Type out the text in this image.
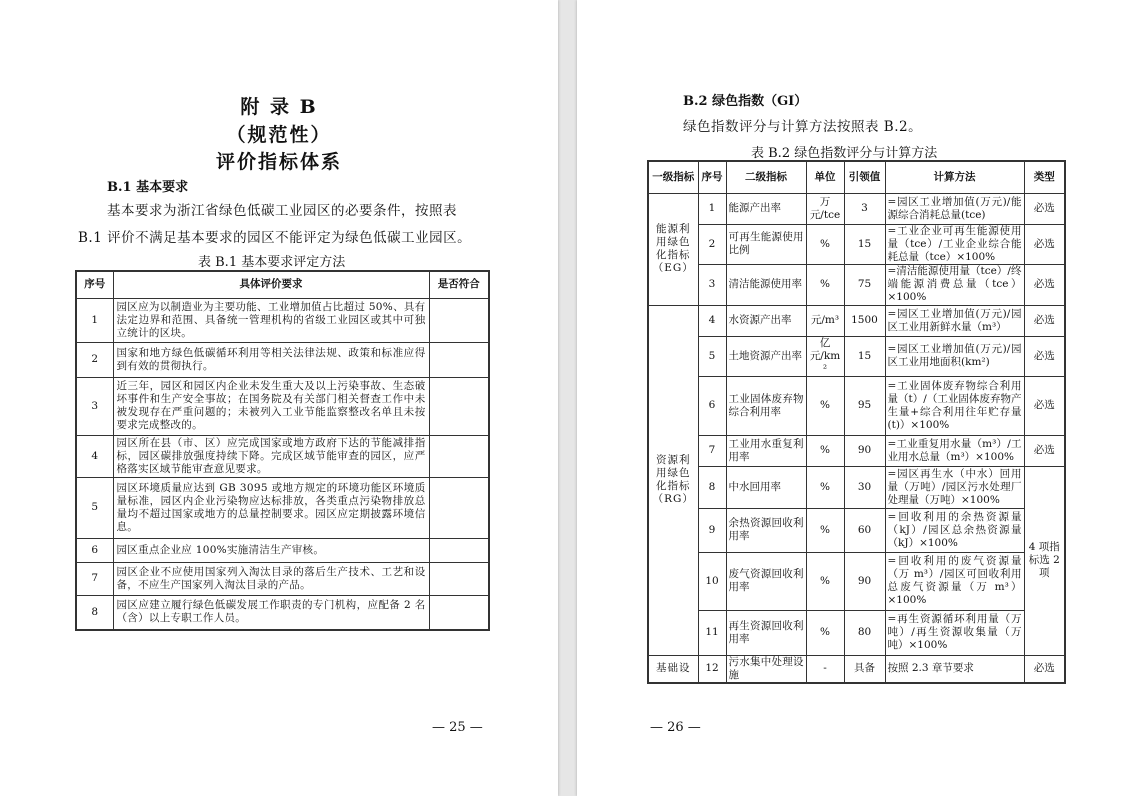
附 录 B
（规范性）
评价指标体系
B.1 基本要求
基本要求为浙江省绿色低碳工业园区的必要条件，按照表
B.1 评价不满足基本要求的园区不能评定为绿色低碳工业园区。
表 B.1 基本要求评定方法
序号	具体评价要求	是否符合
1	园区应为以制造业为主要功能、工业增加值占比超过 50%、具有法定边界和范围、具备统一管理机构的省级工业园区或其中可独立统计的区块。	
2	国家和地方绿色低碳循环利用等相关法律法规、政策和标准应得到有效的贯彻执行。	
3	近三年，园区和园区内企业未发生重大及以上污染事故、生态破坏事件和生产安全事故；在国务院及有关部门相关督查工作中未被发现存在严重问题的；未被列入工业节能监察整改名单且未按要求完成整改的。	
4	园区所在县（市、区）应完成国家或地方政府下达的节能减排指标，园区碳排放强度持续下降。完成区域节能审查的园区，应严格落实区域节能审查意见要求。	
5	园区环境质量应达到 GB 3095 或地方规定的环境功能区环境质量标准，园区内企业污染物应达标排放，各类重点污染物排放总量均不超过国家或地方的总量控制要求。园区应定期披露环境信息。	
6	园区重点企业应 100%实施清洁生产审核。	
7	园区企业不应使用国家列入淘汰目录的落后生产技术、工艺和设备，不应生产国家列入淘汰目录的产品。	
8	园区应建立履行绿色低碳发展工作职责的专门机构，应配备 2 名（含）以上专职工作人员。	
— 25 —
B.2 绿色指数（GI）
绿色指数评分与计算方法按照表 B.2。
表 B.2 绿色指数评分与计算方法
一级指标	序号	二级指标	单位	引领值	计算方法	类型
能源利用绿色化指标（EG）	1	能源产出率	万元/tce	3	=园区工业增加值(万元)/能源综合消耗总量(tce)	必选
	2	可再生能源使用比例	%	15	=工业企业可再生能源使用量（tce）/工业企业综合能耗总量（tce）×100%	必选
	3	清洁能源使用率	%	75	=清洁能源使用量（tce）/终端能源消费总量（tce）×100%	必选
资源利用绿色化指标（RG）	4	水资源产出率	元/m³	1500	=园区工业增加值(万元)/园区工业用新鲜水量（m³）	必选
	5	土地资源产出率	亿元/km²	15	=园区工业增加值(万元)/园区工业用地面积(km²)	必选
	6	工业固体废弃物综合利用率	%	95	=工业固体废弃物综合利用量（t）/（工业固体废弃物产生量+综合利用往年贮存量(t)）×100%	必选
	7	工业用水重复利用率	%	90	=工业重复用水量（m³）/工业用水总量（m³）×100%	必选
	8	中水回用率	%	30	=园区再生水（中水）回用量（万吨）/园区污水处理厂处理量（万吨）×100%	4 项指标选 2 项
	9	余热资源回收利用率	%	60	=回收利用的余热资源量（kJ）/园区总余热资源量（kJ）×100%	
	10	废气资源回收利用率	%	90	=回收利用的废气资源量（万 m³）/园区可回收利用总废气资源量（万 m³）×100%	
	11	再生资源回收利用率	%	80	=再生资源循环利用量（万吨）/再生资源收集量（万吨）×100%	
基础设	12	污水集中处理设施	-	具备	按照 2.3 章节要求	必选
— 26 —
